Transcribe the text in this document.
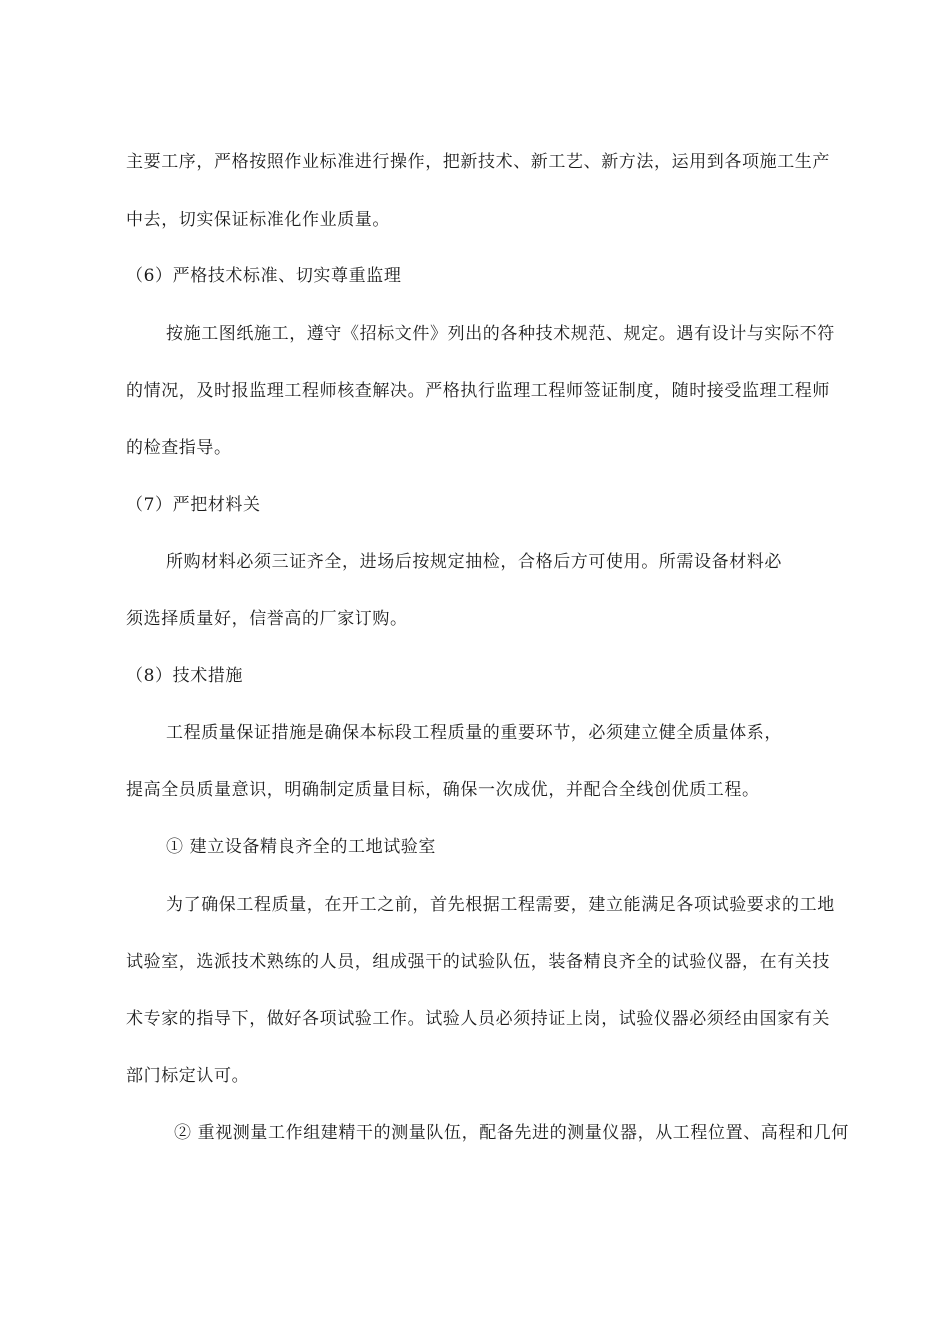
主要工序，严格按照作业标准进行操作，把新技术、新工艺、新方法，运用到各项施工生产
中去，切实保证标准化作业质量。
（6）严格技术标准、切实尊重监理
按施工图纸施工，遵守《招标文件》列出的各种技术规范、规定。遇有设计与实际不符
的情况，及时报监理工程师核查解决。严格执行监理工程师签证制度，随时接受监理工程师
的检查指导。
（7）严把材料关
所购材料必须三证齐全，进场后按规定抽检，合格后方可使用。所需设备材料必
须选择质量好，信誉高的厂家订购。
（8）技术措施
工程质量保证措施是确保本标段工程质量的重要环节，必须建立健全质量体系，
提高全员质量意识，明确制定质量目标，确保一次成优，并配合全线创优质工程。
① 建立设备精良齐全的工地试验室
为了确保工程质量，在开工之前，首先根据工程需要，建立能满足各项试验要求的工地
试验室，选派技术熟练的人员，组成强干的试验队伍，装备精良齐全的试验仪器，在有关技
术专家的指导下，做好各项试验工作。试验人员必须持证上岗，试验仪器必须经由国家有关
部门标定认可。
② 重视测量工作组建精干的测量队伍，配备先进的测量仪器，从工程位置、高程和几何
